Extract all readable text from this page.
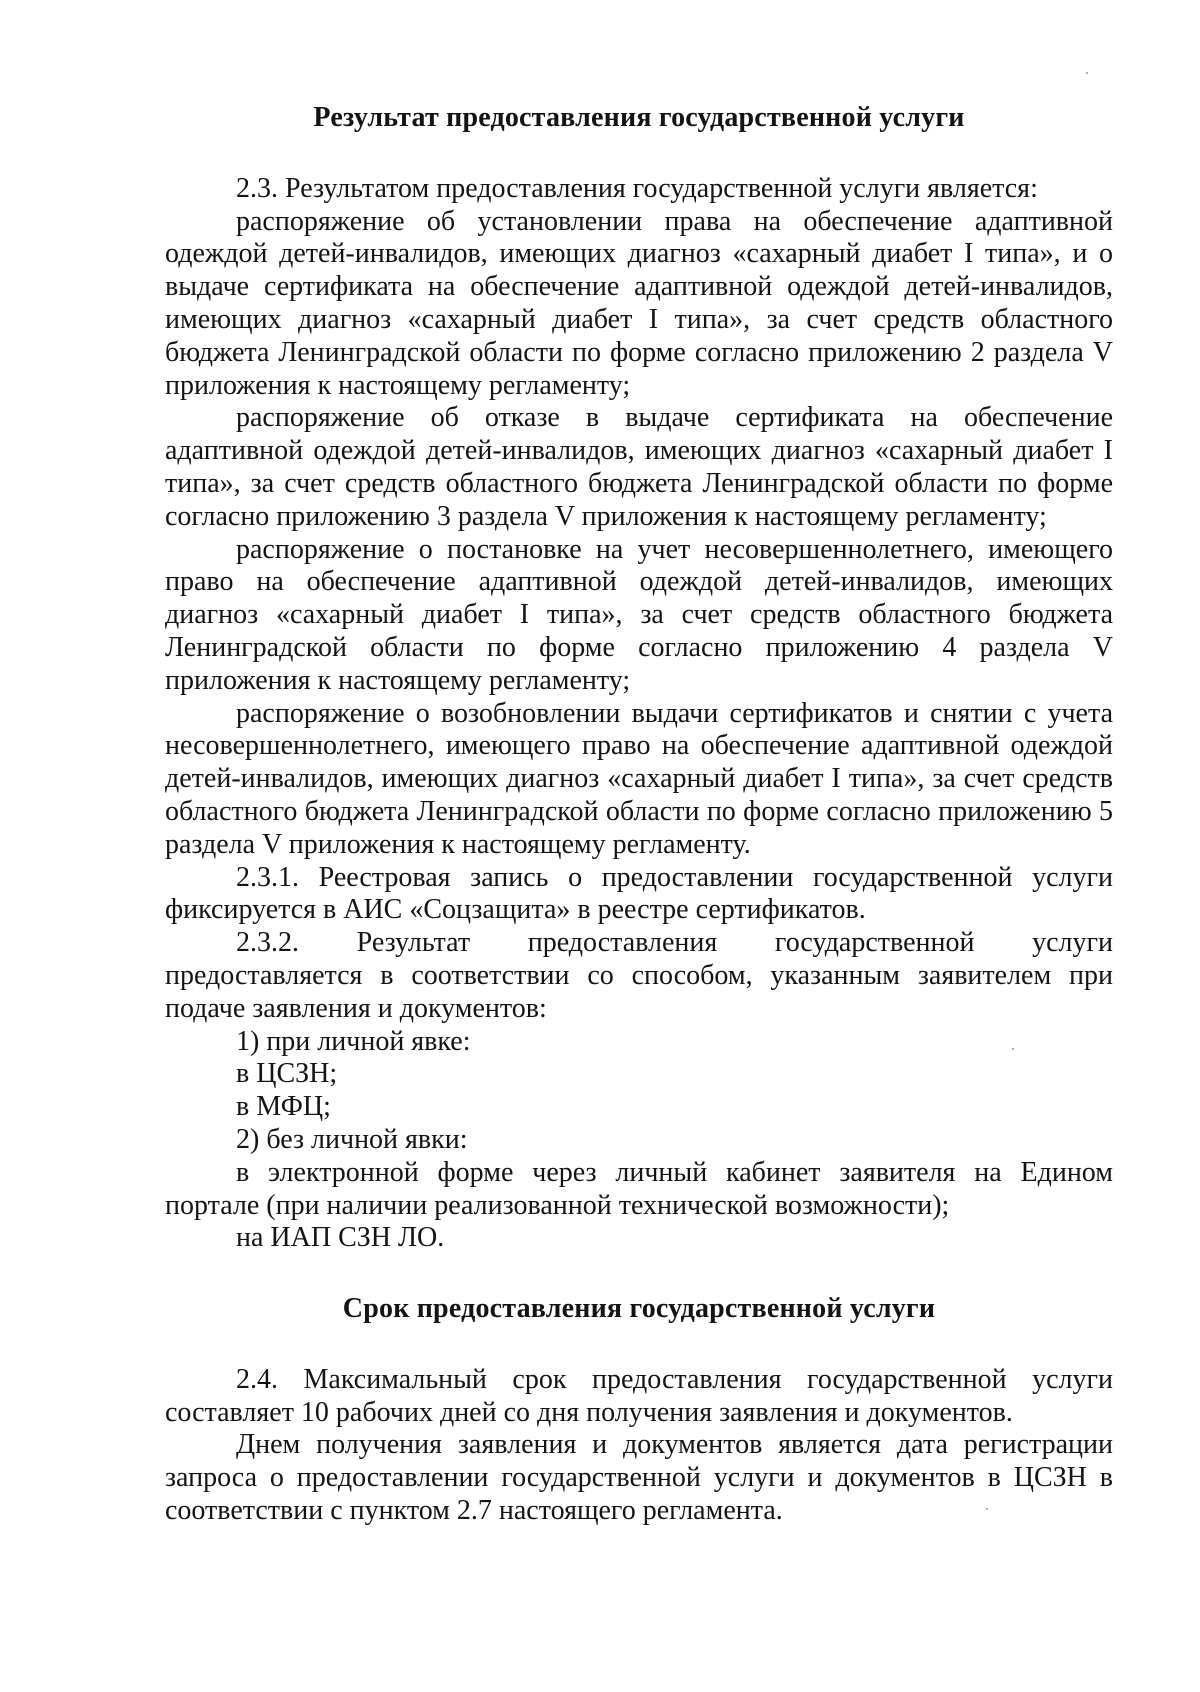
Результат предоставления государственной услуги

2.3. Результатом предоставления государственной услуги является:

распоряжение об установлении права на обеспечение адаптивной одеждой детей-инвалидов, имеющих диагноз «сахарный диабет I типа», и о выдаче сертификата на обеспечение адаптивной одеждой детей-инвалидов, имеющих диагноз «сахарный диабет I типа», за счет средств областного бюджета Ленинградской области по форме согласно приложению 2 раздела V приложения к настоящему регламенту;

распоряжение об отказе в выдаче сертификата на обеспечение адаптивной одеждой детей-инвалидов, имеющих диагноз «сахарный диабет I типа», за счет средств областного бюджета Ленинградской области по форме согласно приложению 3 раздела V приложения к настоящему регламенту;

распоряжение о постановке на учет несовершеннолетнего, имеющего право на обеспечение адаптивной одеждой детей-инвалидов, имеющих диагноз «сахарный диабет I типа», за счет средств областного бюджета Ленинградской области по форме согласно приложению 4 раздела V приложения к настоящему регламенту;

распоряжение о возобновлении выдачи сертификатов и снятии с учета несовершеннолетнего, имеющего право на обеспечение адаптивной одеждой детей-инвалидов, имеющих диагноз «сахарный диабет I типа», за счет средств областного бюджета Ленинградской области по форме согласно приложению 5 раздела V приложения к настоящему регламенту.

2.3.1. Реестровая запись о предоставлении государственной услуги фиксируется в АИС «Соцзащита» в реестре сертификатов.

2.3.2. Результат предоставления государственной услуги предоставляется в соответствии со способом, указанным заявителем при подаче заявления и документов:

1) при личной явке:

в ЦСЗН;

в МФЦ;

2) без личной явки:

в электронной форме через личный кабинет заявителя на Едином портале (при наличии реализованной технической возможности);

на ИАП СЗН ЛО.

Срок предоставления государственной услуги

2.4. Максимальный срок предоставления государственной услуги составляет 10 рабочих дней со дня получения заявления и документов.

Днем получения заявления и документов является дата регистрации запроса о предоставлении государственной услуги и документов в ЦСЗН в соответствии с пунктом 2.7 настоящего регламента.
